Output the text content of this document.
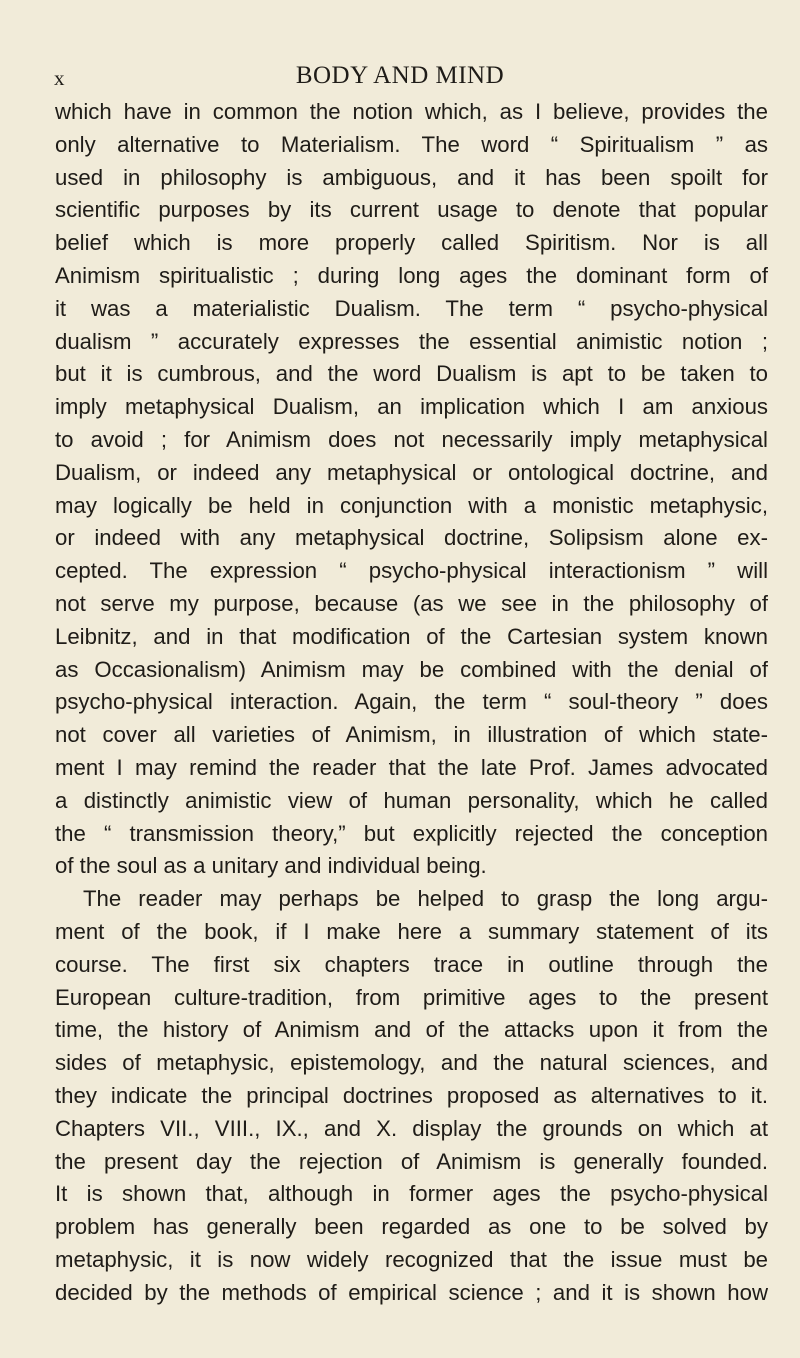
x	BODY AND MIND
which have in common the notion which, as I believe, provides the
only alternative to Materialism. The word “ Spiritualism ” as
used in philosophy is ambiguous, and it has been spoilt for
scientific purposes by its current usage to denote that popular
belief which is more properly called Spiritism. Nor is all
Animism spiritualistic ; during long ages the dominant form of
it was a materialistic Dualism. The term “ psycho-physical
dualism ” accurately expresses the essential animistic notion ;
but it is cumbrous, and the word Dualism is apt to be taken to
imply metaphysical Dualism, an implication which I am anxious
to avoid ; for Animism does not necessarily imply metaphysical
Dualism, or indeed any metaphysical or ontological doctrine, and
may logically be held in conjunction with a monistic metaphysic,
or indeed with any metaphysical doctrine, Solipsism alone ex-
cepted. The expression “ psycho-physical interactionism ” will
not serve my purpose, because (as we see in the philosophy of
Leibnitz, and in that modification of the Cartesian system known
as Occasionalism) Animism may be combined with the denial of
psycho-physical interaction. Again, the term “ soul-theory ” does
not cover all varieties of Animism, in illustration of which state-
ment I may remind the reader that the late Prof. James advocated
a distinctly animistic view of human personality, which he called
the “ transmission theory,” but explicitly rejected the conception
of the soul as a unitary and individual being.
The reader may perhaps be helped to grasp the long argu-
ment of the book, if I make here a summary statement of its
course. The first six chapters trace in outline through the
European culture-tradition, from primitive ages to the present
time, the history of Animism and of the attacks upon it from the
sides of metaphysic, epistemology, and the natural sciences, and
they indicate the principal doctrines proposed as alternatives to it.
Chapters VII., VIII., IX., and X. display the grounds on which at
the present day the rejection of Animism is generally founded.
It is shown that, although in former ages the psycho-physical
problem has generally been regarded as one to be solved by
metaphysic, it is now widely recognized that the issue must be
decided by the methods of empirical science ; and it is shown how
